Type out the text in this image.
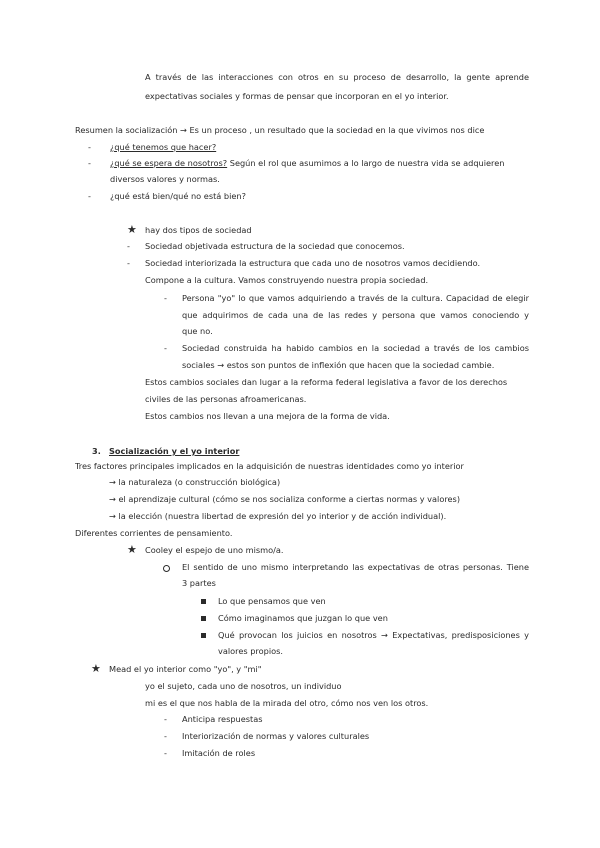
A través de las interacciones con otros en su proceso de desarrollo, la gente aprende
expectativas sociales y formas de pensar que incorporan en el yo interior.
Resumen la socialización → Es un proceso , un resultado que la sociedad en la que vivimos nos dice
- ¿qué tenemos que hacer?
- ¿qué se espera de nosotros? Según el rol que asumimos a lo largo de nuestra vida se adquieren
diversos valores y normas.
- ¿qué está bien/qué no está bien?
★ hay dos tipos de sociedad
- Sociedad objetivada estructura de la sociedad que conocemos.
- Sociedad interiorizada la estructura que cada uno de nosotros vamos decidiendo.
Compone a la cultura. Vamos construyendo nuestra propia sociedad.
- Persona "yo" lo que vamos adquiriendo a través de la cultura. Capacidad de elegir
que adquirimos de cada una de las redes y persona que vamos conociendo y
que no.
- Sociedad construida ha habido cambios en la sociedad a través de los cambios
sociales → estos son puntos de inflexión que hacen que la sociedad cambie.
Estos cambios sociales dan lugar a la reforma federal legislativa a favor de los derechos
civiles de las personas afroamericanas.
Estos cambios nos llevan a una mejora de la forma de vida.
3. Socialización y el yo interior
Tres factores principales implicados en la adquisición de nuestras identidades como yo interior
→ la naturaleza (o construcción biológica)
→ el aprendizaje cultural (cómo se nos socializa conforme a ciertas normas y valores)
→ la elección (nuestra libertad de expresión del yo interior y de acción individual).
Diferentes corrientes de pensamiento.
★ Cooley el espejo de uno mismo/a.
El sentido de uno mismo interpretando las expectativas de otras personas. Tiene
3 partes
Lo que pensamos que ven
Cómo imaginamos que juzgan lo que ven
Qué provocan los juicios en nosotros → Expectativas, predisposiciones y
valores propios.
★ Mead el yo interior como "yo", y "mi"
yo el sujeto, cada uno de nosotros, un individuo
mi es el que nos habla de la mirada del otro, cómo nos ven los otros.
- Anticipa respuestas
- Interiorización de normas y valores culturales
- Imitación de roles
